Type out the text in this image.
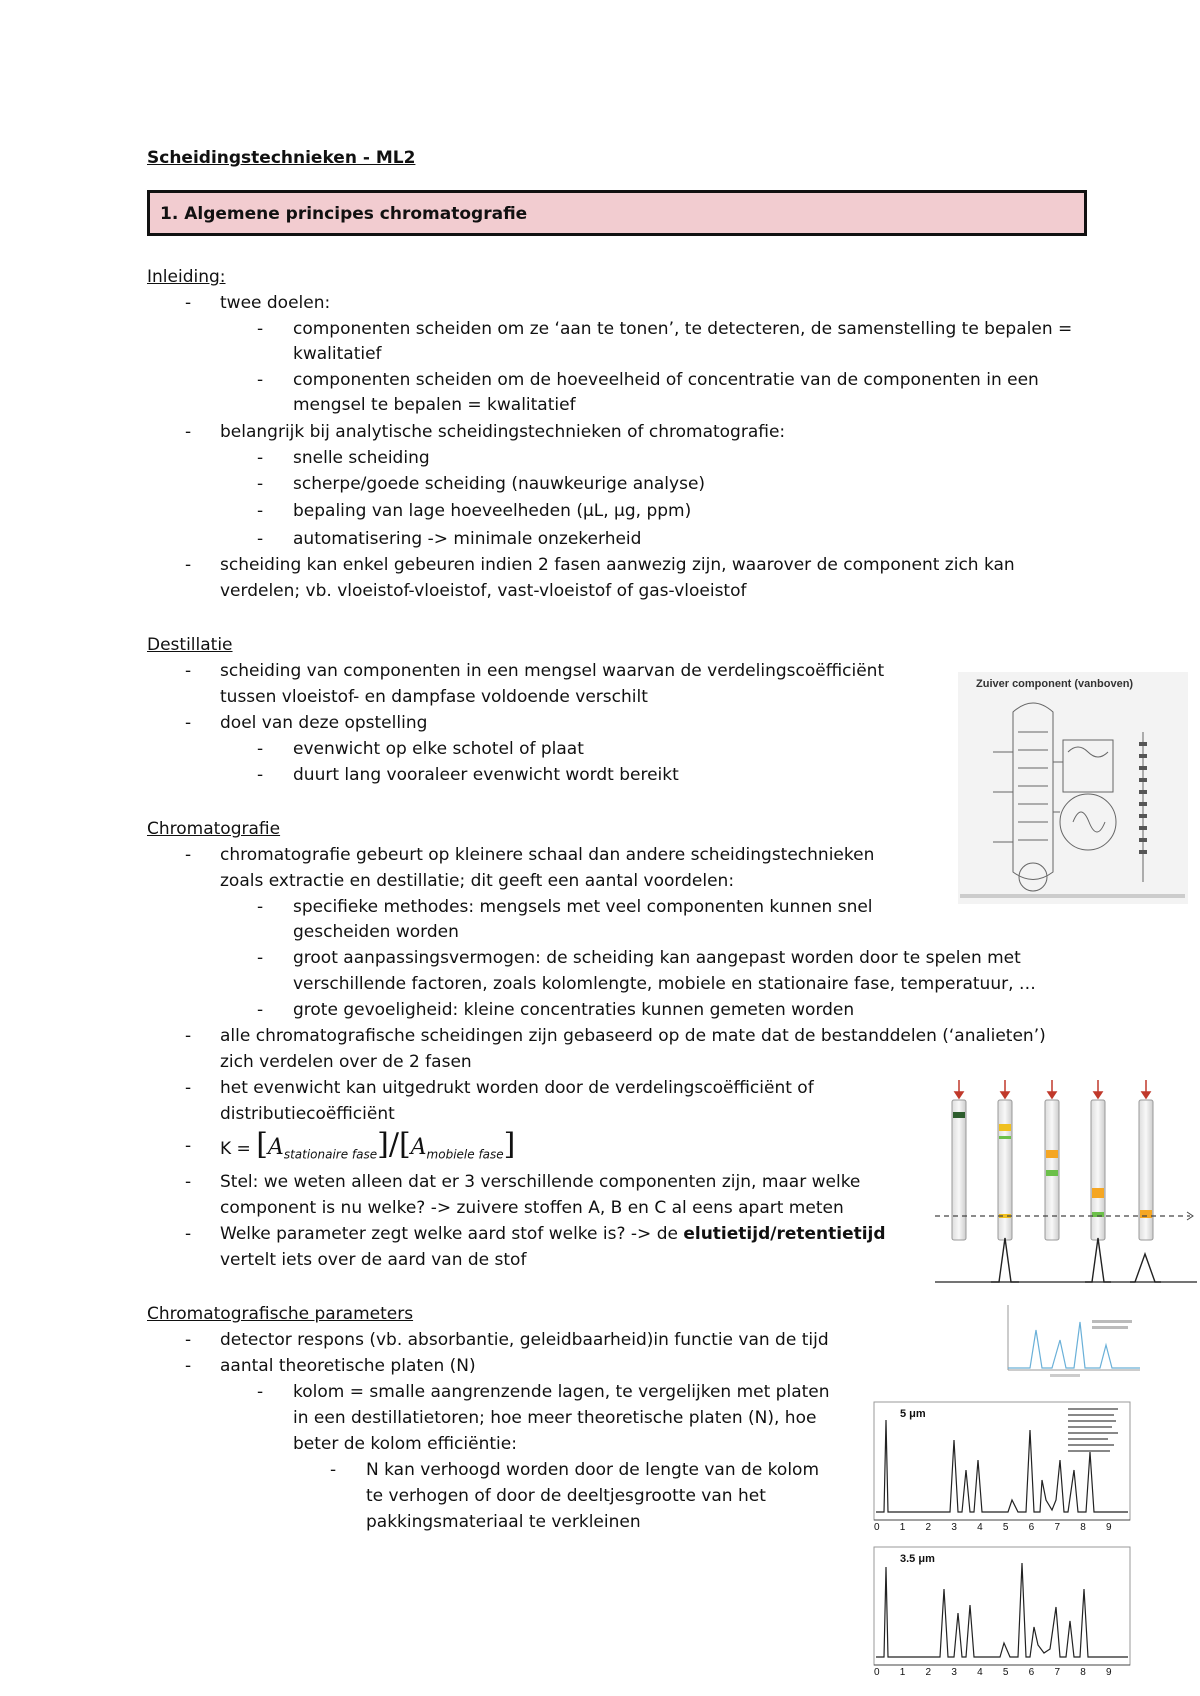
Scheidingstechnieken - ML2
1. Algemene principes chromatografie
Inleiding:
- twee doelen:
- componenten scheiden om ze ‘aan te tonen’, te detecteren, de samenstelling te bepalen =
kwalitatief
- componenten scheiden om de hoeveelheid of concentratie van de componenten in een
mengsel te bepalen = kwalitatief
- belangrijk bij analytische scheidingstechnieken of chromatografie:
- snelle scheiding
- scherpe/goede scheiding (nauwkeurige analyse)
- bepaling van lage hoeveelheden (μL, μg, ppm)
- automatisering -> minimale onzekerheid
- scheiding kan enkel gebeuren indien 2 fasen aanwezig zijn, waarover de component zich kan
verdelen; vb. vloeistof-vloeistof, vast-vloeistof of gas-vloeistof
Destillatie
- scheiding van componenten in een mengsel waarvan de verdelingscoëfficiënt
tussen vloeistof- en dampfase voldoende verschilt
- doel van deze opstelling
- evenwicht op elke schotel of plaat
- duurt lang vooraleer evenwicht wordt bereikt
Zuiver component (vanboven)
Chromatografie
- chromatografie gebeurt op kleinere schaal dan andere scheidingstechnieken
zoals extractie en destillatie; dit geeft een aantal voordelen:
- specifieke methodes: mengsels met veel componenten kunnen snel
gescheiden worden
- groot aanpassingsvermogen: de scheiding kan aangepast worden door te spelen met
verschillende factoren, zoals kolomlengte, mobiele en stationaire fase, temperatuur, …
- grote gevoeligheid: kleine concentraties kunnen gemeten worden
- alle chromatografische scheidingen zijn gebaseerd op de mate dat de bestanddelen (‘analieten’)
zich verdelen over de 2 fasen
- het evenwicht kan uitgedrukt worden door de verdelingscoëfficiënt of
distributiecoëfficiënt
- $K = [A_{stationaire fase}]/[A_{mobiele fase}]$
- Stel: we weten alleen dat er 3 verschillende componenten zijn, maar welke
component is nu welke? -> zuivere stoffen A, B en C al eens apart meten
- Welke parameter zegt welke aard stof welke is? -> de elutietijd/retentietijd
vertelt iets over de aard van de stof
Chromatografische parameters
- detector respons (vb. absorbantie, geleidbaarheid)in functie van de tijd
- aantal theoretische platen (N)
- kolom = smalle aangrenzende lagen, te vergelijken met platen
in een destillatietoren; hoe meer theoretische platen (N), hoe
beter de kolom efficiëntie:
- N kan verhoogd worden door de lengte van de kolom
te verhogen of door de deeltjesgrootte van het
pakkingsmateriaal te verkleinen
5 μm
0 1 2 3 4 5 6 7 8 9
3.5 μm
0 1 2 3 4 5 6 7 8 9
